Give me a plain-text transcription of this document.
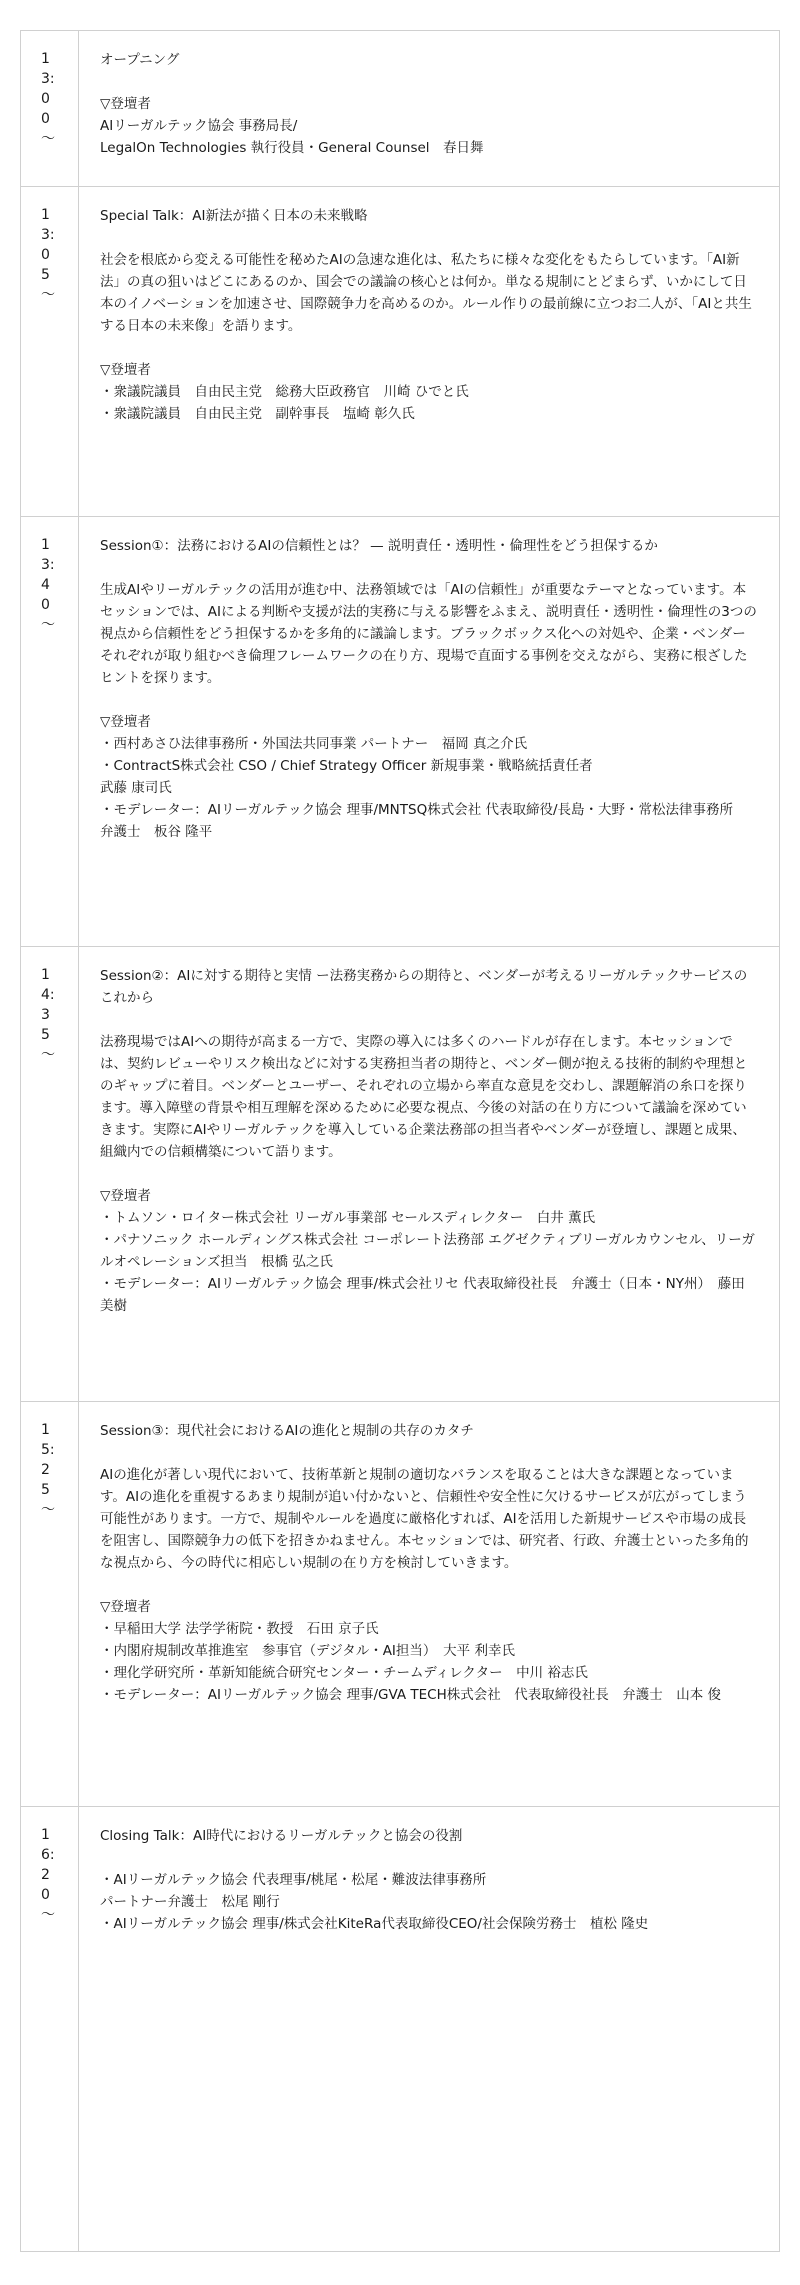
1
3:
0
0
〜
オープニング
▽登壇者
AIリーガルテック協会 事務局長/
LegalOn Technologies 執行役員・General Counsel　春日舞
1
3:
0
5
〜
Special Talk：AI新法が描く日本の未来戦略
社会を根底から変える可能性を秘めたAIの急速な進化は、私たちに様々な変化をもたらしています。「AI新法」の真の狙いはどこにあるのか、国会での議論の核心とは何か。単なる規制にとどまらず、いかにして日本のイノベーションを加速させ、国際競争力を高めるのか。ルール作りの最前線に立つお二人が、「AIと共生する日本の未来像」を語ります。
▽登壇者
・衆議院議員　自由民主党　総務大臣政務官　川崎 ひでと氏
・衆議院議員　自由民主党　副幹事長　塩崎 彰久氏
1
3:
4
0
〜
Session①：法務におけるAIの信頼性とは？ — 説明責任・透明性・倫理性をどう担保するか
生成AIやリーガルテックの活用が進む中、法務領域では「AIの信頼性」が重要なテーマとなっています。本セッションでは、AIによる判断や支援が法的実務に与える影響をふまえ、説明責任・透明性・倫理性の3つの視点から信頼性をどう担保するかを多角的に議論します。ブラックボックス化への対処や、企業・ベンダーそれぞれが取り組むべき倫理フレームワークの在り方、現場で直面する事例を交えながら、実務に根ざしたヒントを探ります。
▽登壇者
・西村あさひ法律事務所・外国法共同事業 パートナー　福岡 真之介氏
・ContractS株式会社 CSO / Chief Strategy Officer 新規事業・戦略統括責任者
武藤 康司氏
・モデレーター：AIリーガルテック協会 理事/MNTSQ株式会社 代表取締役/長島・大野・常松法律事務所　弁護士　板谷 隆平
1
4:
3
5
〜
Session②：AIに対する期待と実情 ー法務実務からの期待と、ベンダーが考えるリーガルテックサービスのこれから
法務現場ではAIへの期待が高まる一方で、実際の導入には多くのハードルが存在します。本セッションでは、契約レビューやリスク検出などに対する実務担当者の期待と、ベンダー側が抱える技術的制約や理想とのギャップに着目。ベンダーとユーザー、それぞれの立場から率直な意見を交わし、課題解消の糸口を探ります。導入障壁の背景や相互理解を深めるために必要な視点、今後の対話の在り方について議論を深めていきます。実際にAIやリーガルテックを導入している企業法務部の担当者やベンダーが登壇し、課題と成果、組織内での信頼構築について語ります。
▽登壇者
・トムソン・ロイター株式会社 リーガル事業部 セールスディレクター　白井 薫氏
・パナソニック ホールディングス株式会社 コーポレート法務部 エグゼクティブリーガルカウンセル、リーガルオペレーションズ担当　根橋 弘之氏
・モデレーター：AIリーガルテック協会 理事/株式会社リセ 代表取締役社長　弁護士（日本・NY州）　藤田 美樹
1
5:
2
5
〜
Session③：現代社会におけるAIの進化と規制の共存のカタチ
AIの進化が著しい現代において、技術革新と規制の適切なバランスを取ることは大きな課題となっています。AIの進化を重視するあまり規制が追い付かないと、信頼性や安全性に欠けるサービスが広がってしまう可能性があります。一方で、規制やルールを過度に厳格化すれば、AIを活用した新規サービスや市場の成長を阻害し、国際競争力の低下を招きかねません。本セッションでは、研究者、行政、弁護士といった多角的な視点から、今の時代に相応しい規制の在り方を検討していきます。
▽登壇者
・早稲田大学 法学学術院・教授　石田 京子氏
・内閣府規制改革推進室　参事官（デジタル・AI担当）　大平 利幸氏
・理化学研究所・革新知能統合研究センター・チームディレクター　中川 裕志氏
・モデレーター：AIリーガルテック協会 理事/GVA TECH株式会社　代表取締役社長　弁護士　山本 俊
1
6:
2
0
〜
Closing Talk：AI時代におけるリーガルテックと協会の役割
・AIリーガルテック協会 代表理事/桃尾・松尾・難波法律事務所
パートナー弁護士　松尾 剛行
・AIリーガルテック協会 理事/株式会社KiteRa代表取締役CEO/社会保険労務士　植松 隆史
